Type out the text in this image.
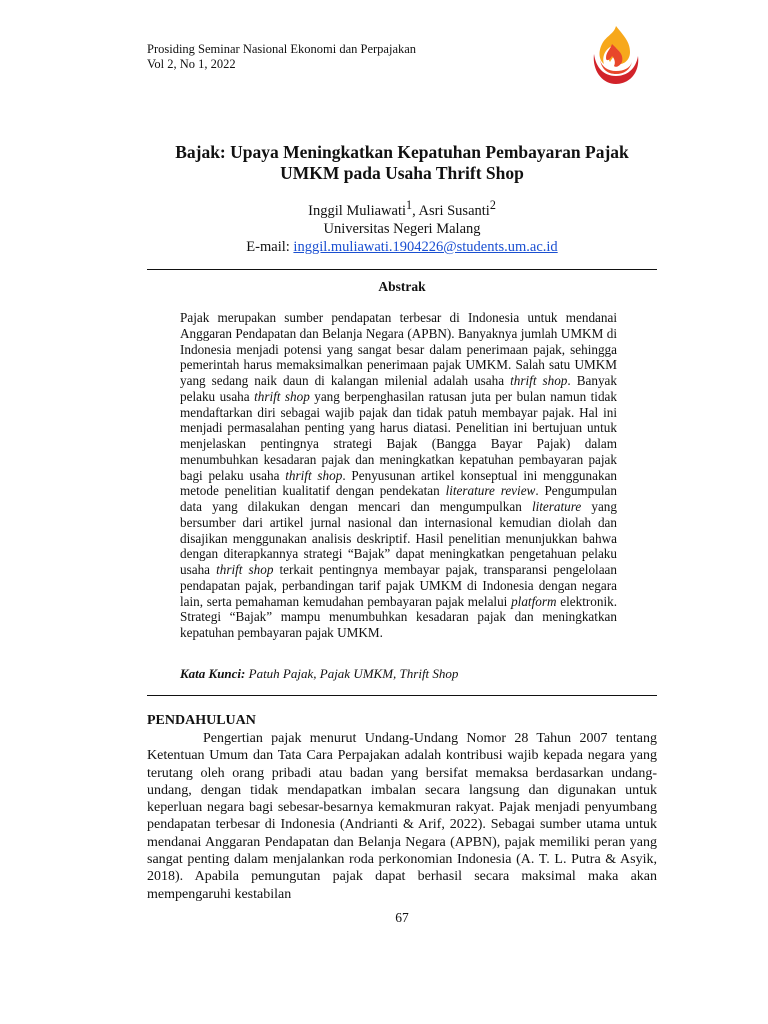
Prosiding Seminar Nasional Ekonomi dan Perpajakan
Vol 2, No 1, 2022
Bajak: Upaya Meningkatkan Kepatuhan Pembayaran Pajak
UMKM pada Usaha Thrift Shop
Inggil Muliawati$^1$, Asri Susanti$^2$
Universitas Negeri Malang
E-mail: inggil.muliawati.1904226@students.um.ac.id
Abstrak

Pajak merupakan sumber pendapatan terbesar di Indonesia untuk mendanai Anggaran Pendapatan dan Belanja Negara (APBN). Banyaknya jumlah UMKM di Indonesia menjadi potensi yang sangat besar dalam penerimaan pajak, sehingga pemerintah harus memaksimalkan penerimaan pajak UMKM. Salah satu UMKM yang sedang naik daun di kalangan milenial adalah usaha thrift shop. Banyak pelaku usaha thrift shop yang berpenghasilan ratusan juta per bulan namun tidak mendaftarkan diri sebagai wajib pajak dan tidak patuh membayar pajak. Hal ini menjadi permasalahan penting yang harus diatasi. Penelitian ini bertujuan untuk menjelaskan pentingnya strategi Bajak (Bangga Bayar Pajak) dalam menumbuhkan kesadaran pajak dan meningkatkan kepatuhan pembayaran pajak bagi pelaku usaha thrift shop. Penyusunan artikel konseptual ini menggunakan metode penelitian kualitatif dengan pendekatan literature review. Pengumpulan data yang dilakukan dengan mencari dan mengumpulkan literature yang bersumber dari artikel jurnal nasional dan internasional kemudian diolah dan disajikan menggunakan analisis deskriptif. Hasil penelitian menunjukkan bahwa dengan diterapkannya strategi “Bajak” dapat meningkatkan pengetahuan pelaku usaha thrift shop terkait pentingnya membayar pajak, transparansi pengelolaan pendapatan pajak, perbandingan tarif pajak UMKM di Indonesia dengan negara lain, serta pemahaman kemudahan pembayaran pajak melalui platform elektronik. Strategi “Bajak” mampu menumbuhkan kesadaran pajak dan meningkatkan kepatuhan pembayaran pajak UMKM.

Kata Kunci: Patuh Pajak, Pajak UMKM, Thrift Shop
PENDAHULUAN

Pengertian pajak menurut Undang-Undang Nomor 28 Tahun 2007 tentang Ketentuan Umum dan Tata Cara Perpajakan adalah kontribusi wajib kepada negara yang terutang oleh orang pribadi atau badan yang bersifat memaksa berdasarkan undang- undang, dengan tidak mendapatkan imbalan secara langsung dan digunakan untuk keperluan negara bagi sebesar-besarnya kemakmuran rakyat. Pajak menjadi penyumbang pendapatan terbesar di Indonesia (Andrianti & Arif, 2022). Sebagai sumber utama untuk mendanai Anggaran Pendapatan dan Belanja Negara (APBN), pajak memiliki peran yang sangat penting dalam menjalankan roda perkonomian Indonesia (A. T. L. Putra & Asyik, 2018). Apabila pemungutan pajak dapat berhasil secara maksimal maka akan mempengaruhi kestabilan

67
